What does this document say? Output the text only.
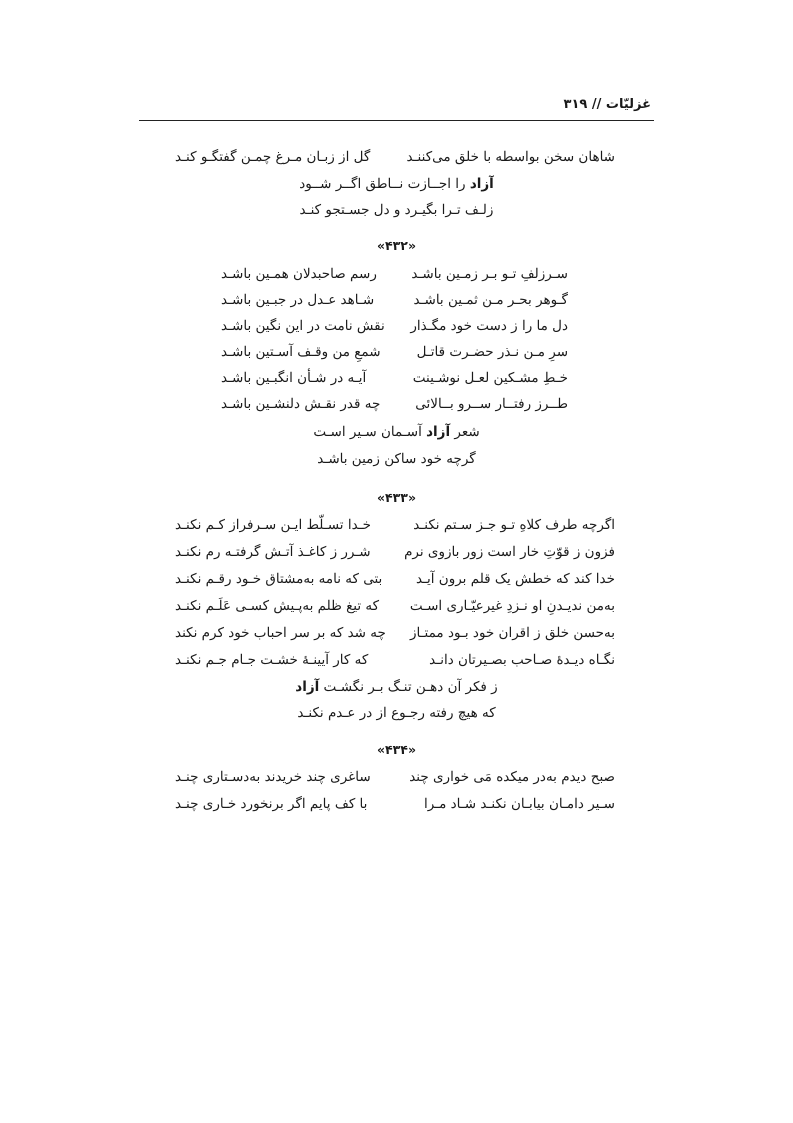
غزلیّات // ۳۱۹
شاهان سخن بواسطه با خلق می‌کننـد
گل از زبـان مـرغ چمـن گفتگـو کنـد
آزاد را اجــازت نــاطق اگــر شــود
زلـف تـرا بگیـرد و دل جسـتجو کنـد
«۴۳۲»
سـرزلفِ تـو بـر زمـین باشـد
رسم صاحبدلان همـین باشـد
گـوهر بحـر مـن ثمـین باشـد
شـاهد عـدل در جبـین باشـد
دل ما را ز دست خود مگـذار
نقش نامت در این نگین باشـد
سرِ مـن نـذر حضـرت قاتـل
شمعِ من وقـف آسـتین باشـد
خـطِ مشـکین لعـل نوشـینت
آیـه در شـأن انگبـین باشـد
طــرز رفتــار ســرو بــالائی
چه قدر نقـش دلنشـین باشـد
شعر آزاد آسـمان سـیر اسـت
گرچه خود ساکن زمین باشـد
«۴۳۳»
اگرچه طرف کلاهِ تـو جـز سـتم نکنـد
خـدا تسـلّط ایـن سـرفراز کـم نکنـد
فزون ز قوّتِ خار است زور بازوی نرم
شـرر ز کاغـذ آتـش گرفتـه رم نکنـد
خدا کند که خطش یک قلم برون آیـد
بتی که نامه به‌مشتاق خـود رقـم نکنـد
به‌من ندیـدنِ او نـزدِ غیرعیّـاری اسـت
که تیغ ظلم به‌پـیش کسـی عَلَـم نکنـد
به‌حسن خلق ز اقران خود بـود ممتـاز
چه شد که بر سر احباب خود کرم نکند
نگـاه دیـدهٔ صـاحب بصـیرتان دانـد
که کار آیینـهٔ خشـت جـام جـم نکنـد
ز فکر آن دهـن تنـگ بـر نگشـت آزاد
که هیچ رفته رجـوع از در عـدم نکنـد
«۴۳۴»
صبح دیدم به‌در میکده مَی خواری چند
ساغری چند خریدند به‌دسـتاری چنـد
سـیر دامـان بیابـان نکنـد شـاد مـرا
با کف پایم اگر برنخورد خـاری چنـد
